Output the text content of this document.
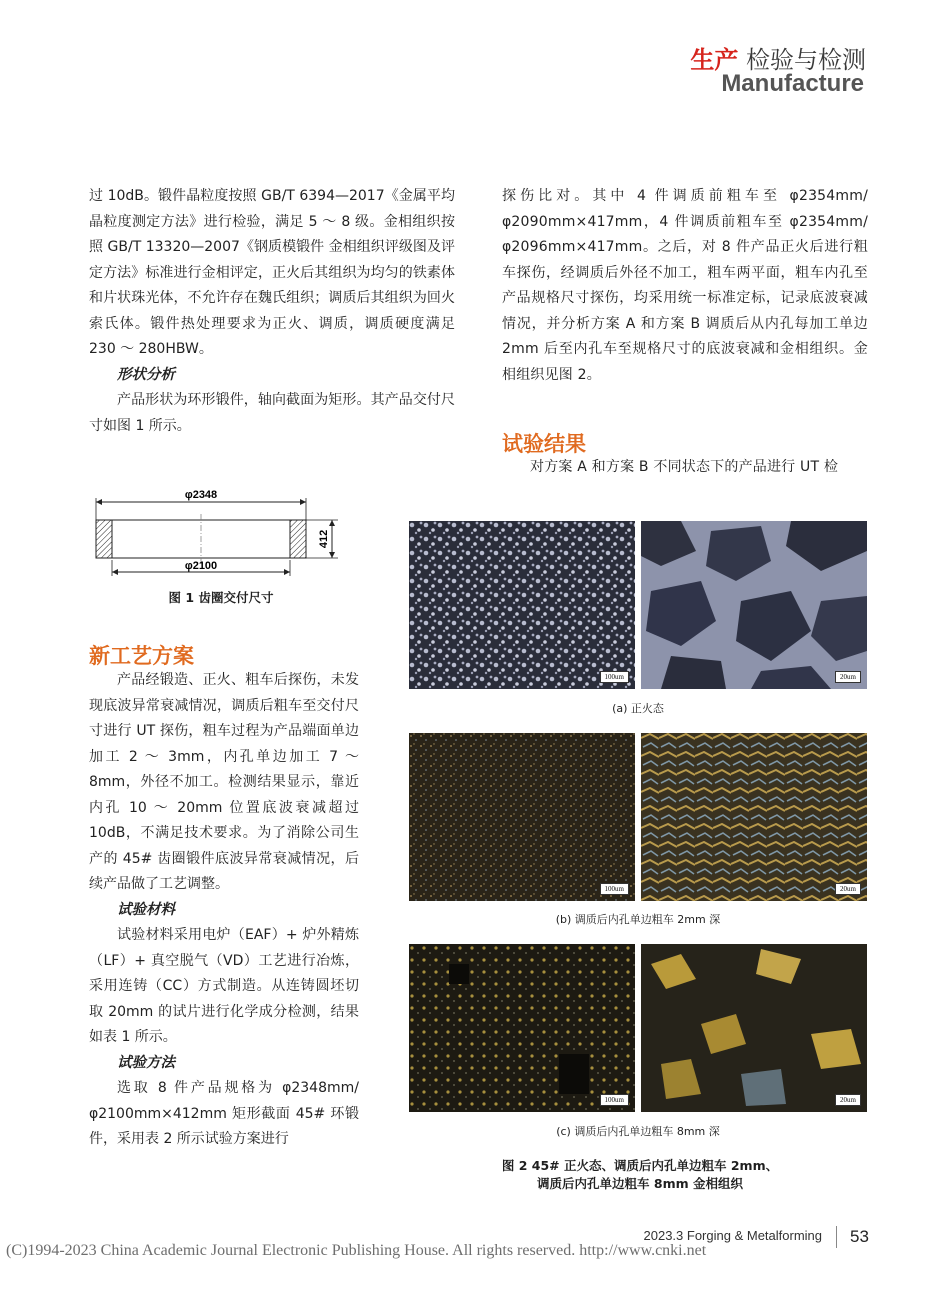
生产 检验与检测
Manufacture

过 10dB。锻件晶粒度按照 GB/T 6394—2017《金属平均晶粒度测定方法》进行检验，满足 5 ～ 8 级。金相组织按照 GB/T 13320—2007《钢质模锻件 金相组织评级图及评定方法》标准进行金相评定，正火后其组织为均匀的铁素体和片状珠光体，不允许存在魏氏组织；调质后其组织为回火索氏体。锻件热处理要求为正火、调质，调质硬度满足 230 ～ 280HBW。

形状分析

产品形状为环形锻件，轴向截面为矩形。其产品交付尺寸如图 1 所示。

φ2348
412
φ2100
图 1 齿圈交付尺寸
新工艺方案

产品经锻造、正火、粗车后探伤，未发现底波异常衰减情况，调质后粗车至交付尺寸进行 UT 探伤，粗车过程为产品端面单边加工 2 ～ 3mm，内孔单边加工 7 ～ 8mm，外径不加工。检测结果显示，靠近内孔 10 ～ 20mm 位置底波衰减超过 10dB，不满足技术要求。为了消除公司生产的 45# 齿圈锻件底波异常衰减情况，后续产品做了工艺调整。

试验材料

试验材料采用电炉（EAF）+ 炉外精炼（LF）+ 真空脱气（VD）工艺进行冶炼，采用连铸（CC）方式制造。从连铸圆坯切取 20mm 的试片进行化学成分检测，结果如表 1 所示。

试验方法

选取 8 件产品规格为 φ2348mm/φ2100mm×412mm 矩形截面 45# 环锻件，采用表 2 所示试验方案进行

探伤比对。其中 4 件调质前粗车至 φ2354mm/φ2090mm×417mm，4 件调质前粗车至 φ2354mm/φ2096mm×417mm。之后，对 8 件产品正火后进行粗车探伤，经调质后外径不加工，粗车两平面，粗车内孔至产品规格尺寸探伤，均采用统一标准定标，记录底波衰减情况，并分析方案 A 和方案 B 调质后从内孔每加工单边 2mm 后至内孔车至规格尺寸的底波衰减和金相组织。金相组织见图 2。

试验结果

对方案 A 和方案 B 不同状态下的产品进行 UT 检

100um	20um
(a) 正火态
100um	20um
(b) 调质后内孔单边粗车 2mm 深
100um	20um
(c) 调质后内孔单边粗车 8mm 深
图 2 45# 正火态、调质后内孔单边粗车 2mm、
调质后内孔单边粗车 8mm 金相组织
2023.3 Forging & Metalforming 53
(C)1994-2023 China Academic Journal Electronic Publishing House. All rights reserved. http://www.cnki.net
